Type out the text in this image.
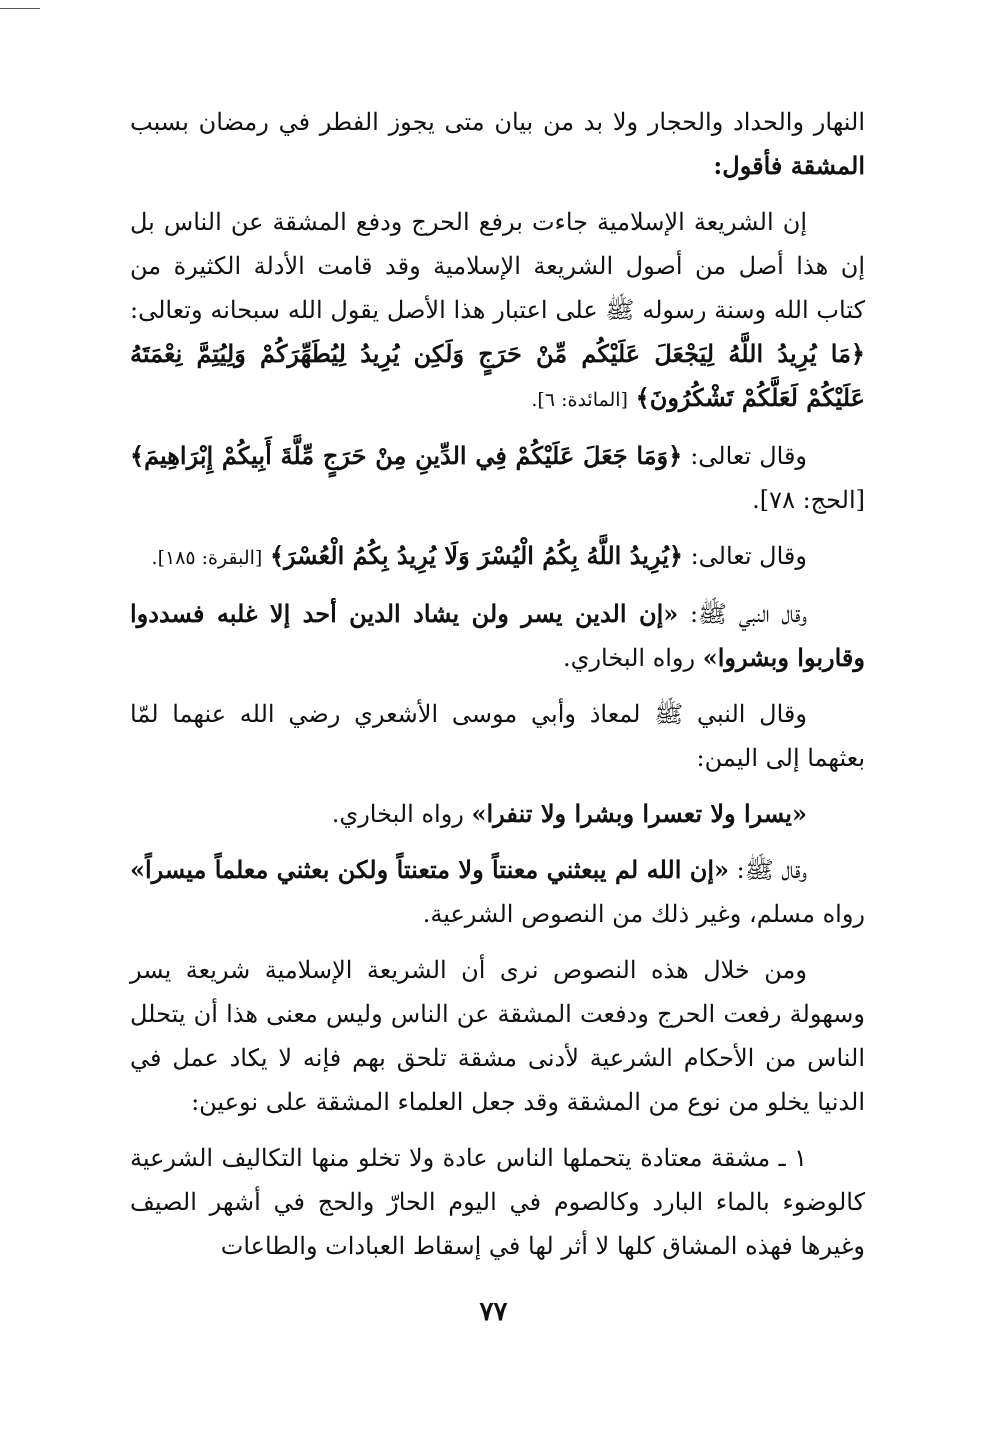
النهار والحداد والحجار ولا بد من بيان متى يجوز الفطر في رمضان بسبب المشقة فأقول:

إن الشريعة الإسلامية جاءت برفع الحرج ودفع المشقة عن الناس بل إن هذا أصل من أصول الشريعة الإسلامية وقد قامت الأدلة الكثيرة من كتاب الله وسنة رسوله ﷺ على اعتبار هذا الأصل يقول الله سبحانه وتعالى: ﴿مَا يُرِيدُ اللَّهُ لِيَجْعَلَ عَلَيْكُم مِّنْ حَرَجٍ وَلَكِن يُرِيدُ لِيُطَهِّرَكُمْ وَلِيُتِمَّ نِعْمَتَهُ عَلَيْكُمْ لَعَلَّكُمْ تَشْكُرُونَ﴾ [المائدة: ٦].

وقال تعالى: ﴿وَمَا جَعَلَ عَلَيْكُمْ فِي الدِّينِ مِنْ حَرَجٍ مِّلَّةَ أَبِيكُمْ إِبْرَاهِيمَ﴾ [الحج: ٧٨].

وقال تعالى: ﴿يُرِيدُ اللَّهُ بِكُمُ الْيُسْرَ وَلَا يُرِيدُ بِكُمُ الْعُسْرَ﴾ [البقرة: ١٨٥].

وقال النبي ﷺ: «إن الدين يسر ولن يشاد الدين أحد إلا غلبه فسددوا وقاربوا وبشروا» رواه البخاري.

وقال النبي ﷺ لمعاذ وأبي موسى الأشعري رضي الله عنهما لمّا بعثهما إلى اليمن:

«يسرا ولا تعسرا وبشرا ولا تنفرا» رواه البخاري.

وقال ﷺ: «إن الله لم يبعثني معنتاً ولا متعنتاً ولكن بعثني معلماً ميسراً» رواه مسلم، وغير ذلك من النصوص الشرعية.

ومن خلال هذه النصوص نرى أن الشريعة الإسلامية شريعة يسر وسهولة رفعت الحرج ودفعت المشقة عن الناس وليس معنى هذا أن يتحلل الناس من الأحكام الشرعية لأدنى مشقة تلحق بهم فإنه لا يكاد عمل في الدنيا يخلو من نوع من المشقة وقد جعل العلماء المشقة على نوعين:

١ ـ مشقة معتادة يتحملها الناس عادة ولا تخلو منها التكاليف الشرعية كالوضوء بالماء البارد وكالصوم في اليوم الحارّ والحج في أشهر الصيف وغيرها فهذه المشاق كلها لا أثر لها في إسقاط العبادات والطاعات

٧٧
